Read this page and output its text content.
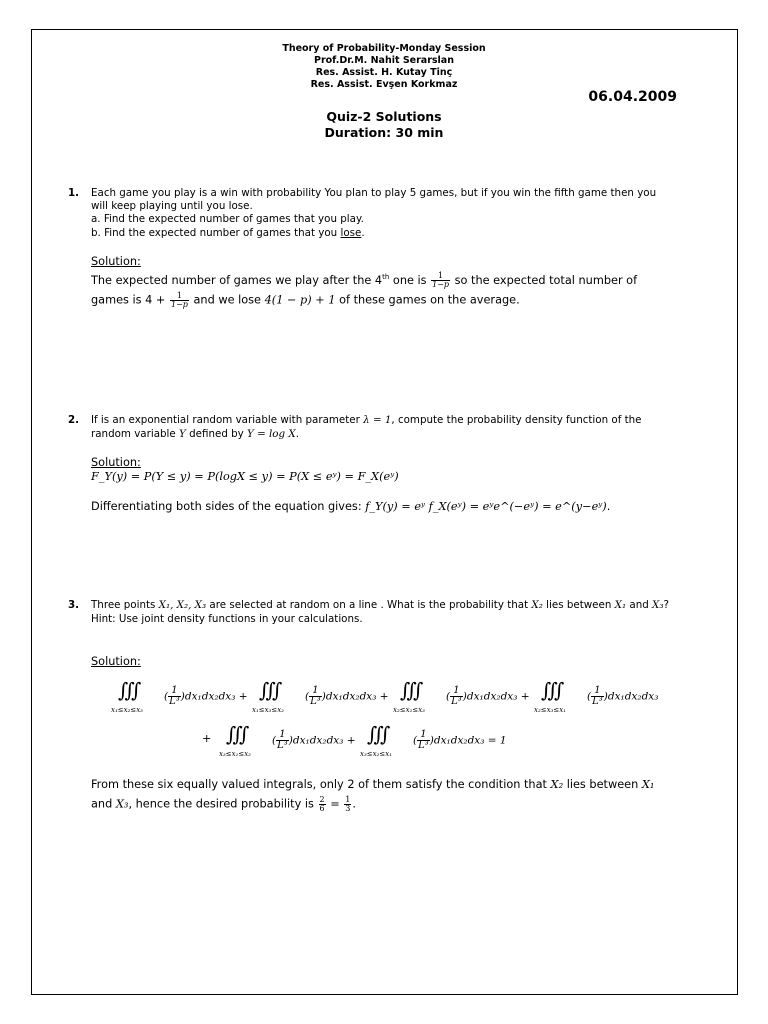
Theory of Probability-Monday Session
Prof.Dr.M. Nahit Serarslan
Res. Assist. H. Kutay Tinç
Res. Assist. Evşen Korkmaz
06.04.2009
Quiz-2 Solutions
Duration: 30 min
1. Each game you play is a win with probability You plan to play 5 games, but if you win the fifth game then you
will keep playing until you lose.
a. Find the expected number of games that you play.
b. Find the expected number of games that you lose.
Solution:
The expected number of games we play after the 4th one is $\frac{1}{1-p}$ so the expected total number of
games is $4 + \frac{1}{1-p}$ and we lose 4(1 − p) + 1 of these games on the average.
2. If is an exponential random variable with parameter λ = 1, compute the probability density function of the
random variable Y defined by Y = log X.
Solution:
F_Y(y) = P(Y ≤ y) = P(logX ≤ y) = P(X ≤ eʸ) = F_X(eʸ)
Differentiating both sides of the equation gives: f_Y(y) = eʸ f_X(eʸ) = eʸe^(−eʸ) = e^(y−eʸ).
3. Three points X₁, X₂, X₃ are selected at random on a line . What is the probability that X₂ lies between X₁ and X₃?
Hint: Use joint density functions in your calculations.
Solution:
∭
x₁≤x₂≤x₃
( $\frac{1}{\text{L³}} )dx_1dx_2dx_3$ + ∭
x₁≤x₃≤x₂
( $\frac{1}{\text{L³}} )dx_1dx_2dx_3$ + ∭
x₂≤x₁≤x₃
( $\frac{1}{\text{L³}} )dx_1dx_2dx_3$ + ∭
x₂≤x₃≤x₁
( $\frac{1}{\text{L³}} )dx_1dx_2dx_3$
+ ∭
x₃≤x₁≤x₂
( $\frac{1}{\text{L³}} )dx_1dx_2dx_3$ + ∭
x₃≤x₂≤x₁
( $\frac{1}{\text{L³}} )dx_1dx_2dx_3 = 1$
From these six equally valued integrals, only 2 of them satisfy the condition that X₂ lies between X₁
and X₃, hence the desired probability is $\frac{2}{6} = \frac{1}{3}$ .
